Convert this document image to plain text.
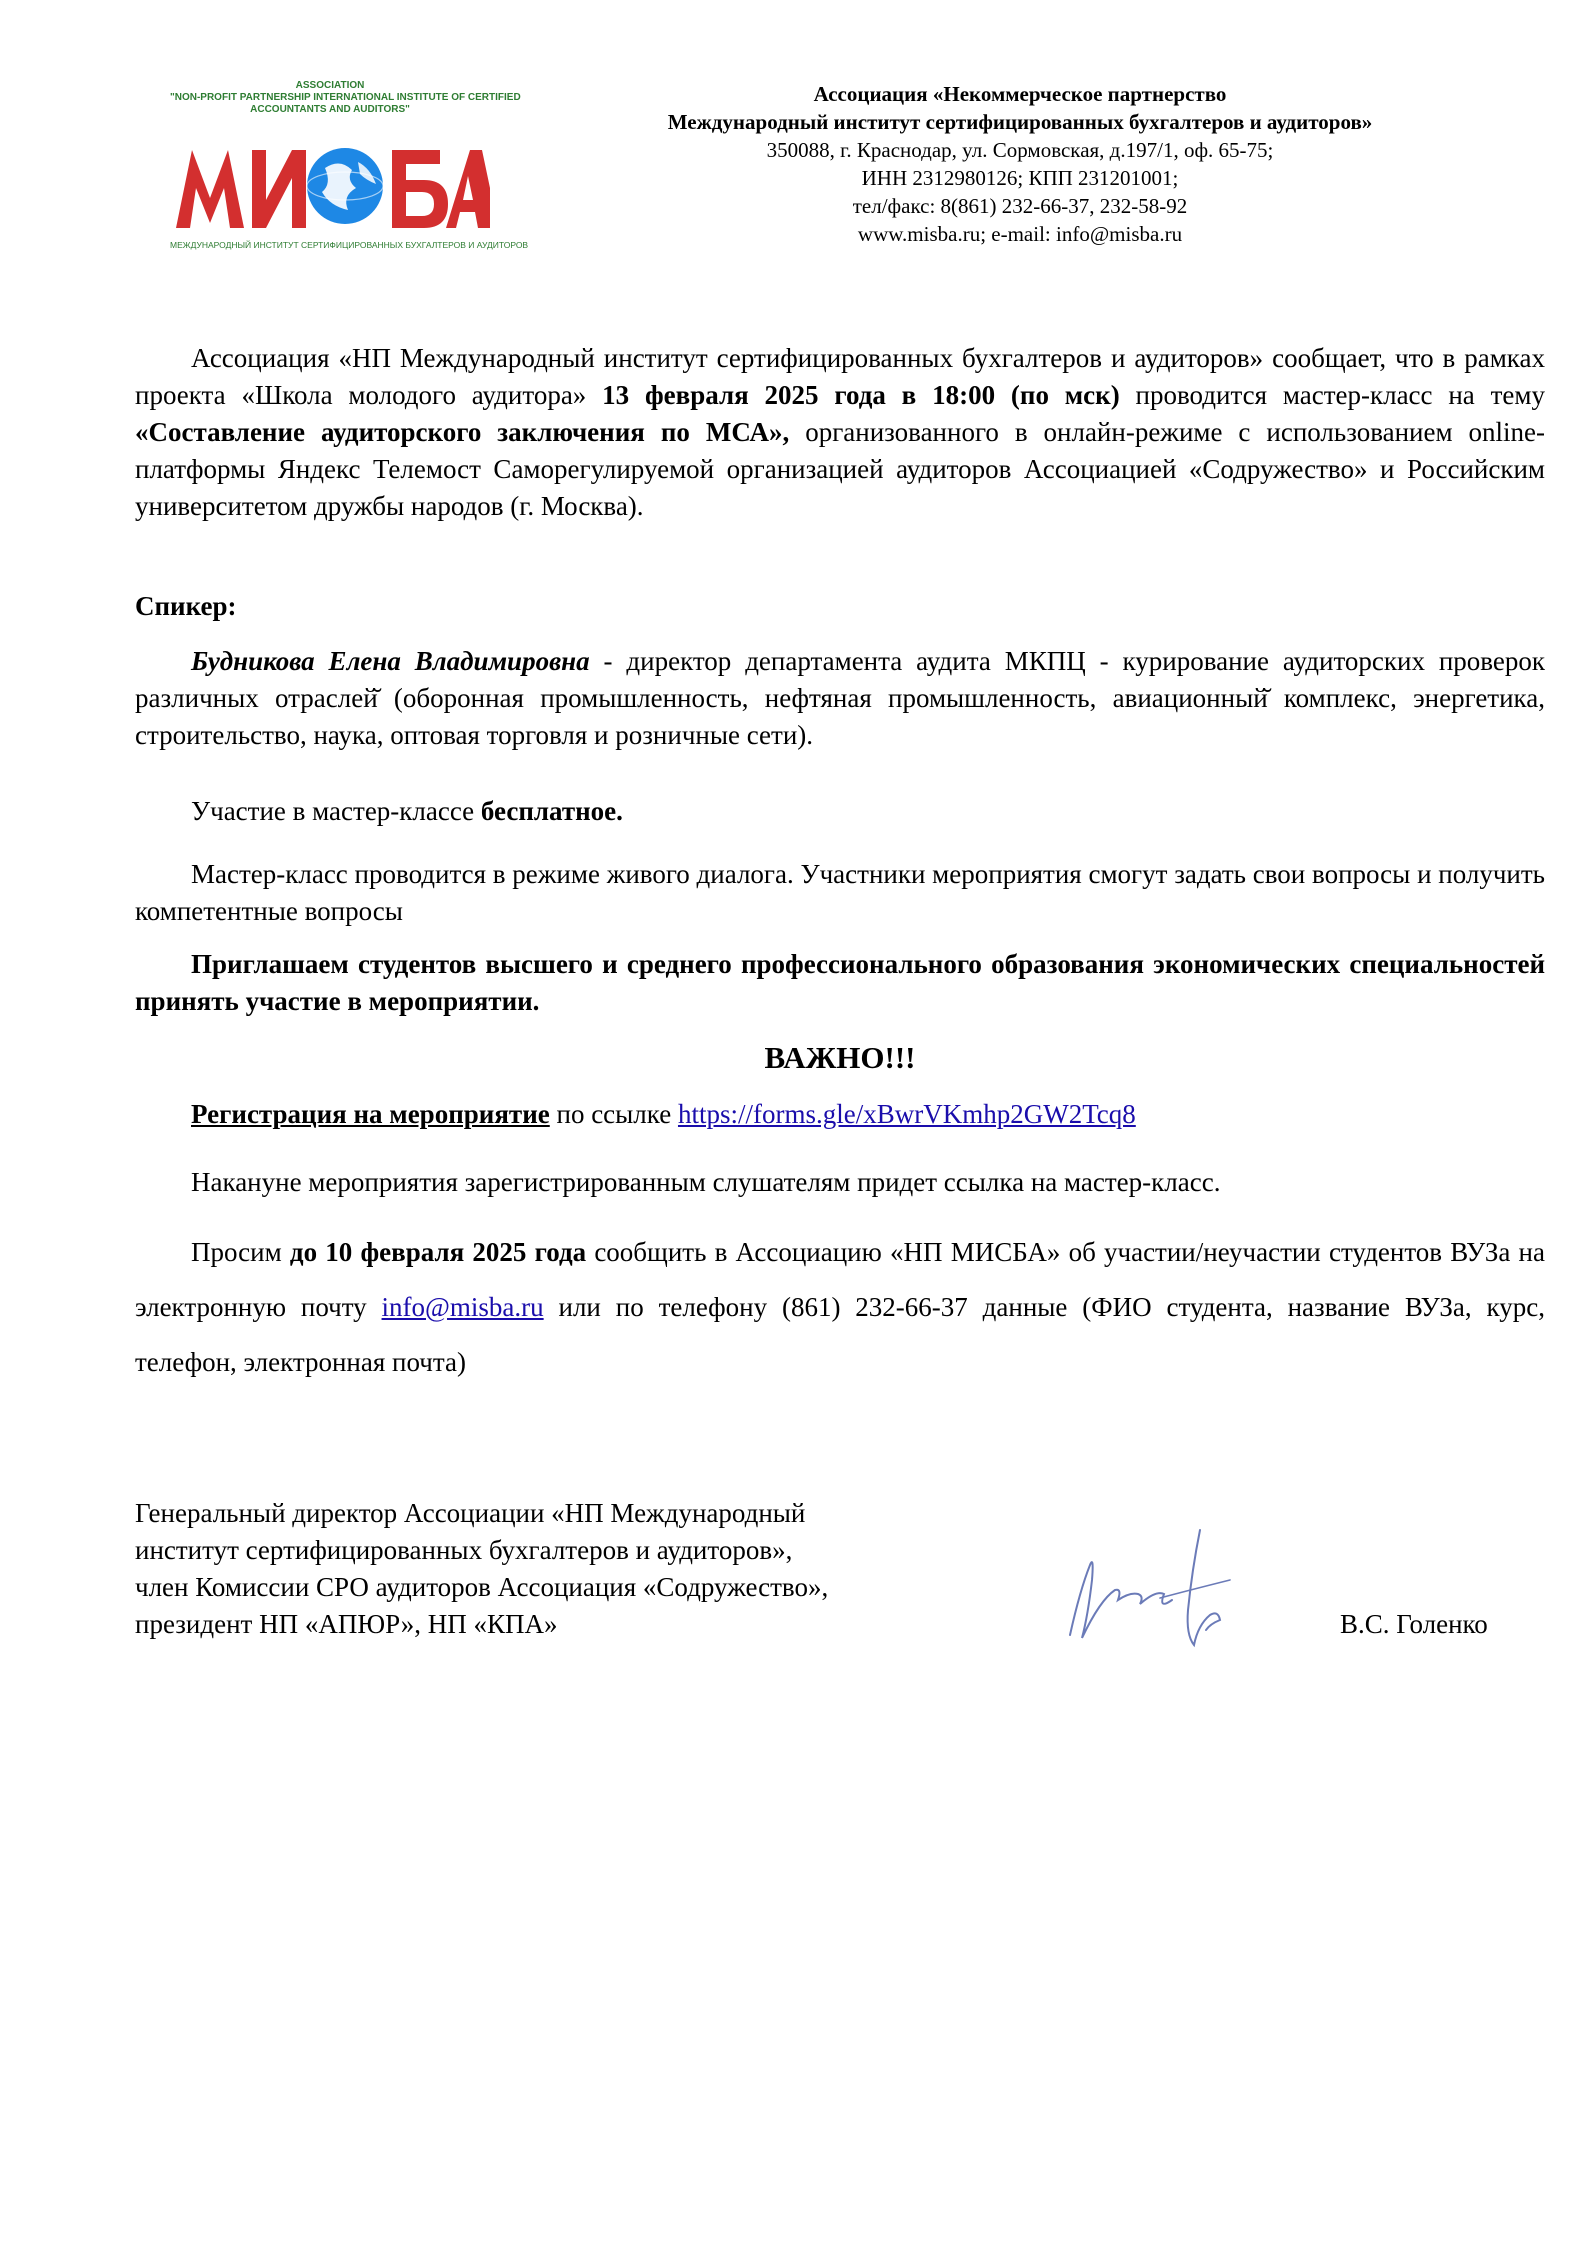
ASSOCIATION
"NON-PROFIT PARTNERSHIP INTERNATIONAL INSTITUTE OF CERTIFIED
ACCOUNTANTS AND AUDITORS"
МЕЖДУНАРОДНЫЙ ИНСТИТУТ СЕРТИФИЦИРОВАННЫХ БУХГАЛТЕРОВ И АУДИТОРОВ
Ассоциация «Некоммерческое партнерство
Международный институт сертифицированных бухгалтеров и аудиторов»
350088, г. Краснодар, ул. Сормовская, д.197/1, оф. 65-75;
ИНН 2312980126; КПП 231201001;
тел/факс: 8(861) 232-66-37, 232-58-92
www.misba.ru; e-mail: info@misba.ru
Ассоциация «НП Международный институт сертифицированных бухгалтеров и аудиторов» сообщает, что в рамках проекта «Школа молодого аудитора» 13 февраля 2025 года в 18:00 (по мск) проводится мастер-класс на тему «Составление аудиторского заключения по МСА», организованного в онлайн-режиме с использованием online-платформы Яндекс Телемост Саморегулируемой организацией аудиторов Ассоциацией «Содружество» и Российским университетом дружбы народов (г. Москва).
Спикер:
Будникова Елена Владимировна - директор департамента аудита МКПЦ - курирование аудиторских проверок различных отраслей̆ (оборонная промышленность, нефтяная промышленность, авиационный̆ комплекс, энергетика, строительство, наука, оптовая торговля и розничные сети).
Участие в мастер-классе бесплатное.
Мастер-класс проводится в режиме живого диалога. Участники мероприятия смогут задать свои вопросы и получить компетентные вопросы
Приглашаем студентов высшего и среднего профессионального образования экономических специальностей принять участие в мероприятии.
ВАЖНО!!!
Регистрация на мероприятие по ссылке https://forms.gle/xBwrVKmhp2GW2Tcq8
Накануне мероприятия зарегистрированным слушателям придет ссылка на мастер-класс.
Просим до 10 февраля 2025 года сообщить в Ассоциацию «НП МИСБА» об участии/неучастии студентов ВУЗа на электронную почту info@misba.ru или по телефону (861) 232-66-37 данные (ФИО студента, название ВУЗа, курс, телефон, электронная почта)
Генеральный директор Ассоциации «НП Международный
институт сертифицированных бухгалтеров и аудиторов»,
член Комиссии СРО аудиторов Ассоциация «Содружество»,
президент НП «АПЮР», НП «КПА»	В.С. Голенко
